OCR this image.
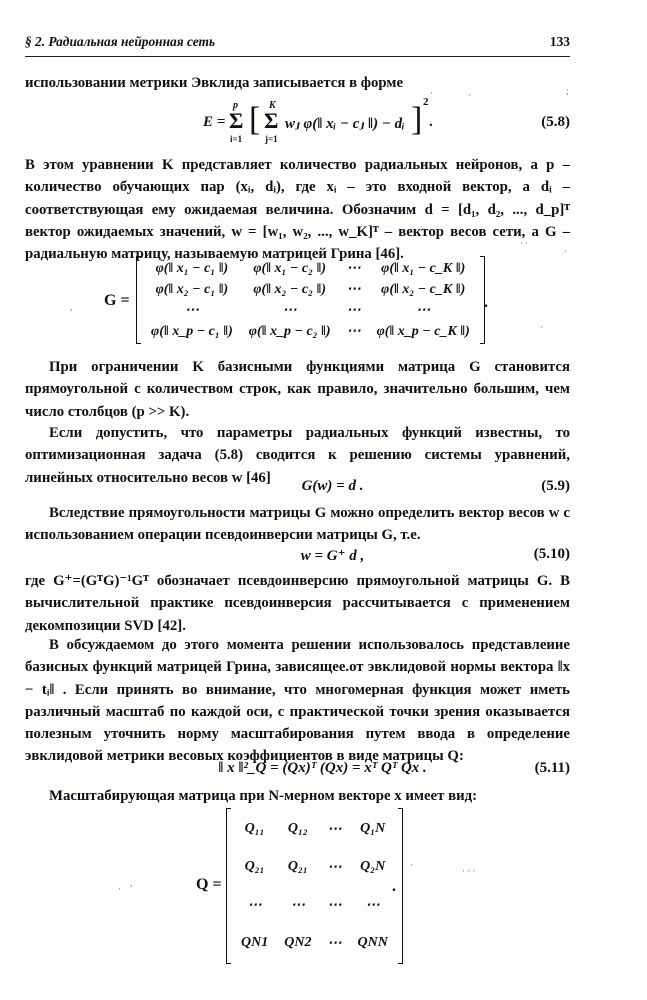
§ 2. Радиальная нейронная сеть	133

использовании метрики Эвклида записывается в форме

E =
p
Σ
i=1
[ K
Σ
j=1
wⱼ φ(‖ xᵢ − cⱼ ‖) − dᵢ ] 2
.	(5.8)

В этом уравнении K представляет количество радиальных нейронов, а p – количество обучающих пар (xᵢ, dᵢ), где xᵢ – это входной вектор, а dᵢ – соответствующая ему ожидаемая величина. Обозначим d = [d₁, d₂, ..., d_p]ᵀ вектор ожидаемых значений, w = [w₁, w₂, ..., w_K]ᵀ – вектор весов сети, а G – радиальную матрицу, называемую матрицей Грина [46].

G =
φ(‖ x₁ − c₁ ‖)	φ(‖ x₁ − c₂ ‖)	⋯	φ(‖ x₁ − c_K ‖)
φ(‖ x₂ − c₁ ‖)	φ(‖ x₂ − c₂ ‖)	⋯	φ(‖ x₂ − c_K ‖)
⋯	⋯	⋯	⋯
φ(‖ x_p − c₁ ‖)	φ(‖ x_p − c₂ ‖)	⋯	φ(‖ x_p − c_K ‖)
.

При ограничении K базисными функциями матрица G становится прямоугольной с количеством строк, как правило, значительно большим, чем число столбцов (p >> K).

Если допустить, что параметры радиальных функций известны, то оптимизационная задача (5.8) сводится к решению системы уравнений, линейных относительно весов w [46]

G(w) = d .	(5.9)

Вследствие прямоугольности матрицы G можно определить вектор весов w с использованием операции псевдоинверсии матрицы G, т.е.

w = G⁺ d ,	(5.10)

где G⁺=(GᵀG)⁻¹Gᵀ обозначает псевдоинверсию прямоугольной матрицы G. В вычислительной практике псевдоинверсия рассчитывается с применением декомпозиции SVD [42].

В обсуждаемом до этого момента решении использовалось представлеиие базисных функций матрицей Грина, зависящее.от эвклидовой нормы вектора ‖x − tᵢ‖ . Если принять во внимание, что многомерная функция может иметь различный масштаб по каждой оси, с практической точки зрения оказывается полезным уточнить норму масштабирования путем ввода в определение эвклидовой метрики весовых коэффициентов в виде матрицы Q:

‖ x ‖²_Q = (Qx)ᵀ (Qx) = xᵀ Qᵀ Qx .	(5.11)

Масштабирующая матрица при N-мерном векторе x имеет вид:

Q =
Q₁₁	Q₁₂	⋯	Q₁N
Q₂₁	Q₂₁	⋯	Q₂N
⋯	⋯	⋯	⋯
QN1	QN2	⋯	QNN
.
·	·	;
· ·
·
,
·
·
· · ·
,
·
